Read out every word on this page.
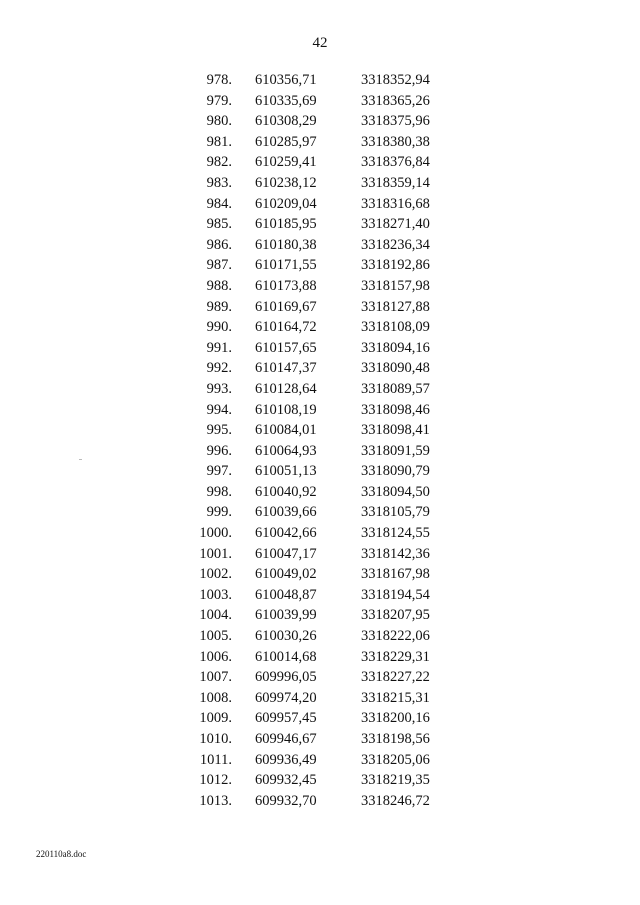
42
978. 610356,71	3318352,94
979. 610335,69	3318365,26
980. 610308,29	3318375,96
981. 610285,97	3318380,38
982. 610259,41	3318376,84
983. 610238,12	3318359,14
984. 610209,04	3318316,68
985. 610185,95	3318271,40
986. 610180,38	3318236,34
987. 610171,55	3318192,86
988. 610173,88	3318157,98
989. 610169,67	3318127,88
990. 610164,72	3318108,09
991. 610157,65	3318094,16
992. 610147,37	3318090,48
993. 610128,64	3318089,57
994. 610108,19	3318098,46
995. 610084,01	3318098,41
996. 610064,93	3318091,59
997. 610051,13	3318090,79
998. 610040,92	3318094,50
999. 610039,66	3318105,79
1000. 610042,66	3318124,55
1001. 610047,17	3318142,36
1002. 610049,02	3318167,98
1003. 610048,87	3318194,54
1004. 610039,99	3318207,95
1005. 610030,26	3318222,06
1006. 610014,68	3318229,31
1007. 609996,05	3318227,22
1008. 609974,20	3318215,31
1009. 609957,45	3318200,16
1010. 609946,67	3318198,56
1011. 609936,49	3318205,06
1012. 609932,45	3318219,35
1013. 609932,70	3318246,72
220110a8.doc
